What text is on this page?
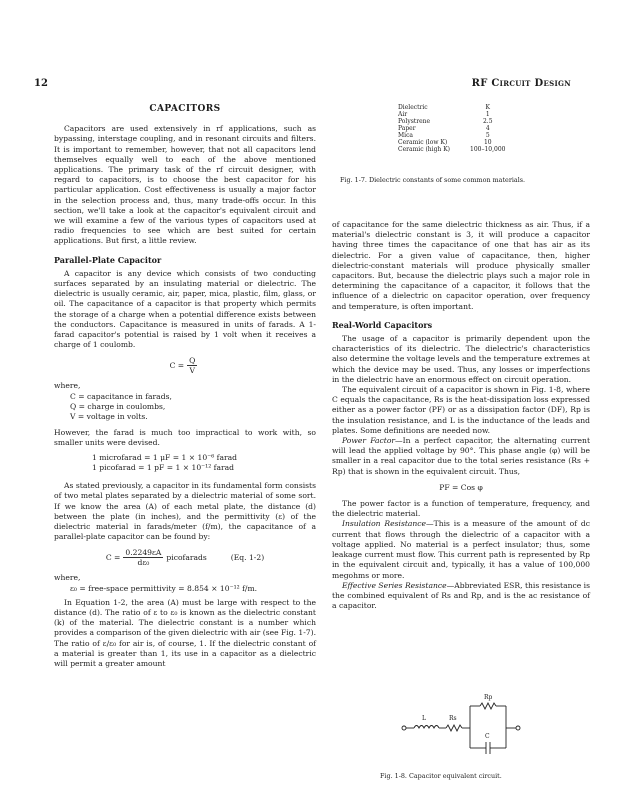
12	RF Circuit Design
Dielectric	K
Air	1
Polystrene	2.5
Paper	4
Mica	5
Ceramic (low K)	10
Ceramic (high K)	100–10,000
Fig. 1-7. Dielectric constants of some common materials.
CAPACITORS

Capacitors are used extensively in rf applications, such as bypassing, interstage coupling, and in resonant circuits and filters. It is important to remember, however, that not all capacitors lend themselves equally well to each of the above mentioned applications. The primary task of the rf circuit designer, with regard to capacitors, is to choose the best capacitor for his particular application. Cost effectiveness is usually a major factor in the selection process and, thus, many trade-offs occur. In this section, we'll take a look at the capacitor's equivalent circuit and we will examine a few of the various types of capacitors used at radio frequencies to see which are best suited for certain applications. But first, a little review.

Parallel-Plate Capacitor

A capacitor is any device which consists of two conducting surfaces separated by an insulating material or dielectric. The dielectric is usually ceramic, air, paper, mica, plastic, film, glass, or oil. The capacitance of a capacitor is that property which permits the storage of a charge when a potential difference exists between the conductors. Capacitance is measured in units of farads. A 1-farad capacitor's potential is raised by 1 volt when it receives a charge of 1 coulomb.

$C = \frac{Q}{V}$

where,

C = capacitance in farads,

Q = charge in coulombs,

V = voltage in volts.

However, the farad is much too impractical to work with, so smaller units were devised.

1 microfarad = 1 μF = 1 × 10⁻⁶ farad

1 picofarad = 1 pF = 1 × 10⁻¹² farad

As stated previously, a capacitor in its fundamental form consists of two metal plates separated by a dielectric material of some sort. If we know the area (A) of each metal plate, the distance (d) between the plate (in inches), and the permittivity (ε) of the dielectric material in farads/meter (f/m), the capacitance of a parallel-plate capacitor can be found by:

$C = \frac{0.2249\varepsilon A}{\text{dε₀}}$ picofarads	(Eq. 1-2)

where,

ε₀ = free-space permittivity = 8.854 × 10⁻¹² f/m.

In Equation 1-2, the area (A) must be large with respect to the distance (d). The ratio of ε to ε₀ is known as the dielectric constant (k) of the material. The dielectric constant is a number which provides a comparison of the given dielectric with air (see Fig. 1-7). The ratio of ε/ε₀ for air is, of course, 1. If the dielectric constant of a material is greater than 1, its use in a capacitor as a dielectric will permit a greater amount

of capacitance for the same dielectric thickness as air. Thus, if a material's dielectric constant is 3, it will produce a capacitor having three times the capacitance of one that has air as its dielectric. For a given value of capacitance, then, higher dielectric-constant materials will produce physically smaller capacitors. But, because the dielectric plays such a major role in determining the capacitance of a capacitor, it follows that the influence of a dielectric on capacitor operation, over frequency and temperature, is often important.

Real-World Capacitors

The usage of a capacitor is primarily dependent upon the characteristics of its dielectric. The dielectric's characteristics also determine the voltage levels and the temperature extremes at which the device may be used. Thus, any losses or imperfections in the dielectric have an enormous effect on circuit operation.

The equivalent circuit of a capacitor is shown in Fig. 1-8, where C equals the capacitance, Rs is the heat-dissipation loss expressed either as a power factor (PF) or as a dissipation factor (DF), Rp is the insulation resistance, and L is the inductance of the leads and plates. Some definitions are needed now.

Power Factor—In a perfect capacitor, the alternating current will lead the applied voltage by 90°. This phase angle (φ) will be smaller in a real capacitor due to the total series resistance (Rs + Rp) that is shown in the equivalent circuit. Thus,

PF = Cos φ

The power factor is a function of temperature, frequency, and the dielectric material.

Insulation Resistance—This is a measure of the amount of dc current that flows through the dielectric of a capacitor with a voltage applied. No material is a perfect insulator; thus, some leakage current must flow. This current path is represented by Rp in the equivalent circuit and, typically, it has a value of 100,000 megohms or more.

Effective Series Resistance—Abbreviated ESR, this resistance is the combined equivalent of Rs and Rp, and is the ac resistance of a capacitor.

L	Rs
Rp
C
Fig. 1-8. Capacitor equivalent circuit.
